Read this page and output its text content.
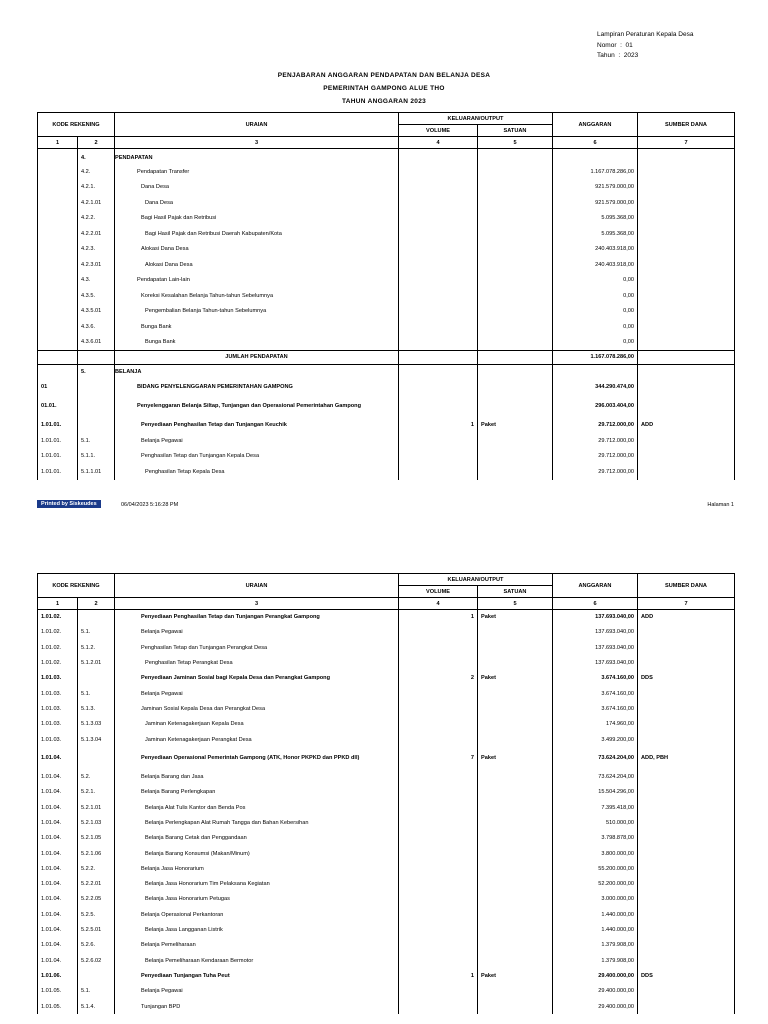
Lampiran Peraturan Kepala Desa
Nomor  :  01
Tahun  :  2023
PENJABARAN ANGGARAN PENDAPATAN DAN BELANJA DESA
PEMERINTAH GAMPONG ALUE THO
TAHUN ANGGARAN 2023
KODE REKENING		URAIAN	KELUARAN/OUTPUT		ANGGARAN	SUMBER DANA
			VOLUME	SATUAN		
1	2	3	4	5	6	7
	4.	PENDAPATAN				
	4.2.	Pendapatan Transfer			1.167.078.286,00	
	4.2.1.	Dana Desa			921.579.000,00	
	4.2.1.01	Dana Desa			921.579.000,00	
	4.2.2.	Bagi Hasil Pajak dan Retribusi			5.095.368,00	
	4.2.2.01	Bagi Hasil Pajak dan Retribusi Daerah Kabupaten/Kota			5.095.368,00	
	4.2.3.	Alokasi Dana Desa			240.403.918,00	
	4.2.3.01	Alokasi Dana Desa			240.403.918,00	
	4.3.	Pendapatan Lain-lain			0,00	
	4.3.5.	Koreksi Kesalahan Belanja Tahun-tahun Sebelumnya			0,00	
	4.3.5.01	Pengembalian Belanja Tahun-tahun Sebelumnya			0,00	
	4.3.6.	Bunga Bank			0,00	
	4.3.6.01	Bunga Bank			0,00	
		JUMLAH PENDAPATAN			1.167.078.286,00	
	5.	BELANJA				
01		BIDANG PENYELENGGARAN PEMERINTAHAN GAMPONG			344.290.474,00	
01.01.		Penyelenggaran Belanja Siltap, Tunjangan dan Operasional Pemerintahan Gampong			296.003.404,00	
1.01.01.		Penyediaan Penghasilan Tetap dan Tunjangan Keuchik	1	Paket	29.712.000,00	ADD
1.01.01.	5.1.	Belanja Pegawai			29.712.000,00	
1.01.01.	5.1.1.	Penghasilan Tetap dan Tunjangan Kepala Desa			29.712.000,00	
1.01.01.	5.1.1.01	Penghasilan Tetap Kepala Desa			29.712.000,00	
Printed by Siskeudes	06/04/2023 5:16:28 PM	Halaman 1
KODE REKENING		URAIAN	KELUARAN/OUTPUT		ANGGARAN	SUMBER DANA
			VOLUME	SATUAN		
1	2	3	4	5	6	7
1.01.02.		Penyediaan Penghasilan Tetap dan Tunjangan Perangkat Gampong	1	Paket	137.693.040,00	ADD
1.01.02.	5.1.	Belanja Pegawai			137.693.040,00	
1.01.02.	5.1.2.	Penghasilan Tetap dan Tunjangan Perangkat Desa			137.693.040,00	
1.01.02.	5.1.2.01	Penghasilan Tetap Perangkat Desa			137.693.040,00	
1.01.03.		Penyediaan Jaminan Sosial bagi Kepala Desa dan Perangkat Gampong	2	Paket	3.674.160,00	DDS
1.01.03.	5.1.	Belanja Pegawai			3.674.160,00	
1.01.03.	5.1.3.	Jaminan Sosial Kepala Desa dan Perangkat Desa			3.674.160,00	
1.01.03.	5.1.3.03	Jaminan Ketenagakerjaan Kepala Desa			174.960,00	
1.01.03.	5.1.3.04	Jaminan Ketenagakerjaan Perangkat Desa			3.499.200,00	
1.01.04.		Penyediaan Operasional Pemerintah Gampong (ATK, Honor PKPKD dan PPKD dll)	7	Paket	73.624.204,00	ADD, PBH
1.01.04.	5.2.	Belanja Barang dan Jasa			73.624.204,00	
1.01.04.	5.2.1.	Belanja Barang Perlengkapan			15.504.296,00	
1.01.04.	5.2.1.01	Belanja Alat Tulis Kantor dan Benda Pos			7.395.418,00	
1.01.04.	5.2.1.03	Belanja Perlengkapan Alat Rumah Tangga dan Bahan Kebersihan			510.000,00	
1.01.04.	5.2.1.05	Belanja Barang Cetak dan Penggandaan			3.798.878,00	
1.01.04.	5.2.1.06	Belanja Barang Konsumsi (Makan/Minum)			3.800.000,00	
1.01.04.	5.2.2.	Belanja Jasa Honorarium			55.200.000,00	
1.01.04.	5.2.2.01	Belanja Jasa Honorarium Tim Pelaksana Kegiatan			52.200.000,00	
1.01.04.	5.2.2.05	Belanja Jasa Honorarium Petugas			3.000.000,00	
1.01.04.	5.2.5.	Belanja Operasional Perkantoran			1.440.000,00	
1.01.04.	5.2.5.01	Belanja Jasa Langganan Listrik			1.440.000,00	
1.01.04.	5.2.6.	Belanja Pemeliharaan			1.379.908,00	
1.01.04.	5.2.6.02	Belanja Pemeliharaan Kendaraan Bermotor			1.379.908,00	
1.01.06.		Penyediaan Tunjangan Tuha Peut	1	Paket	29.400.000,00	DDS
1.01.05.	5.1.	Belanja Pegawai			29.400.000,00	
1.01.05.	5.1.4.	Tunjangan BPD			29.400.000,00	
